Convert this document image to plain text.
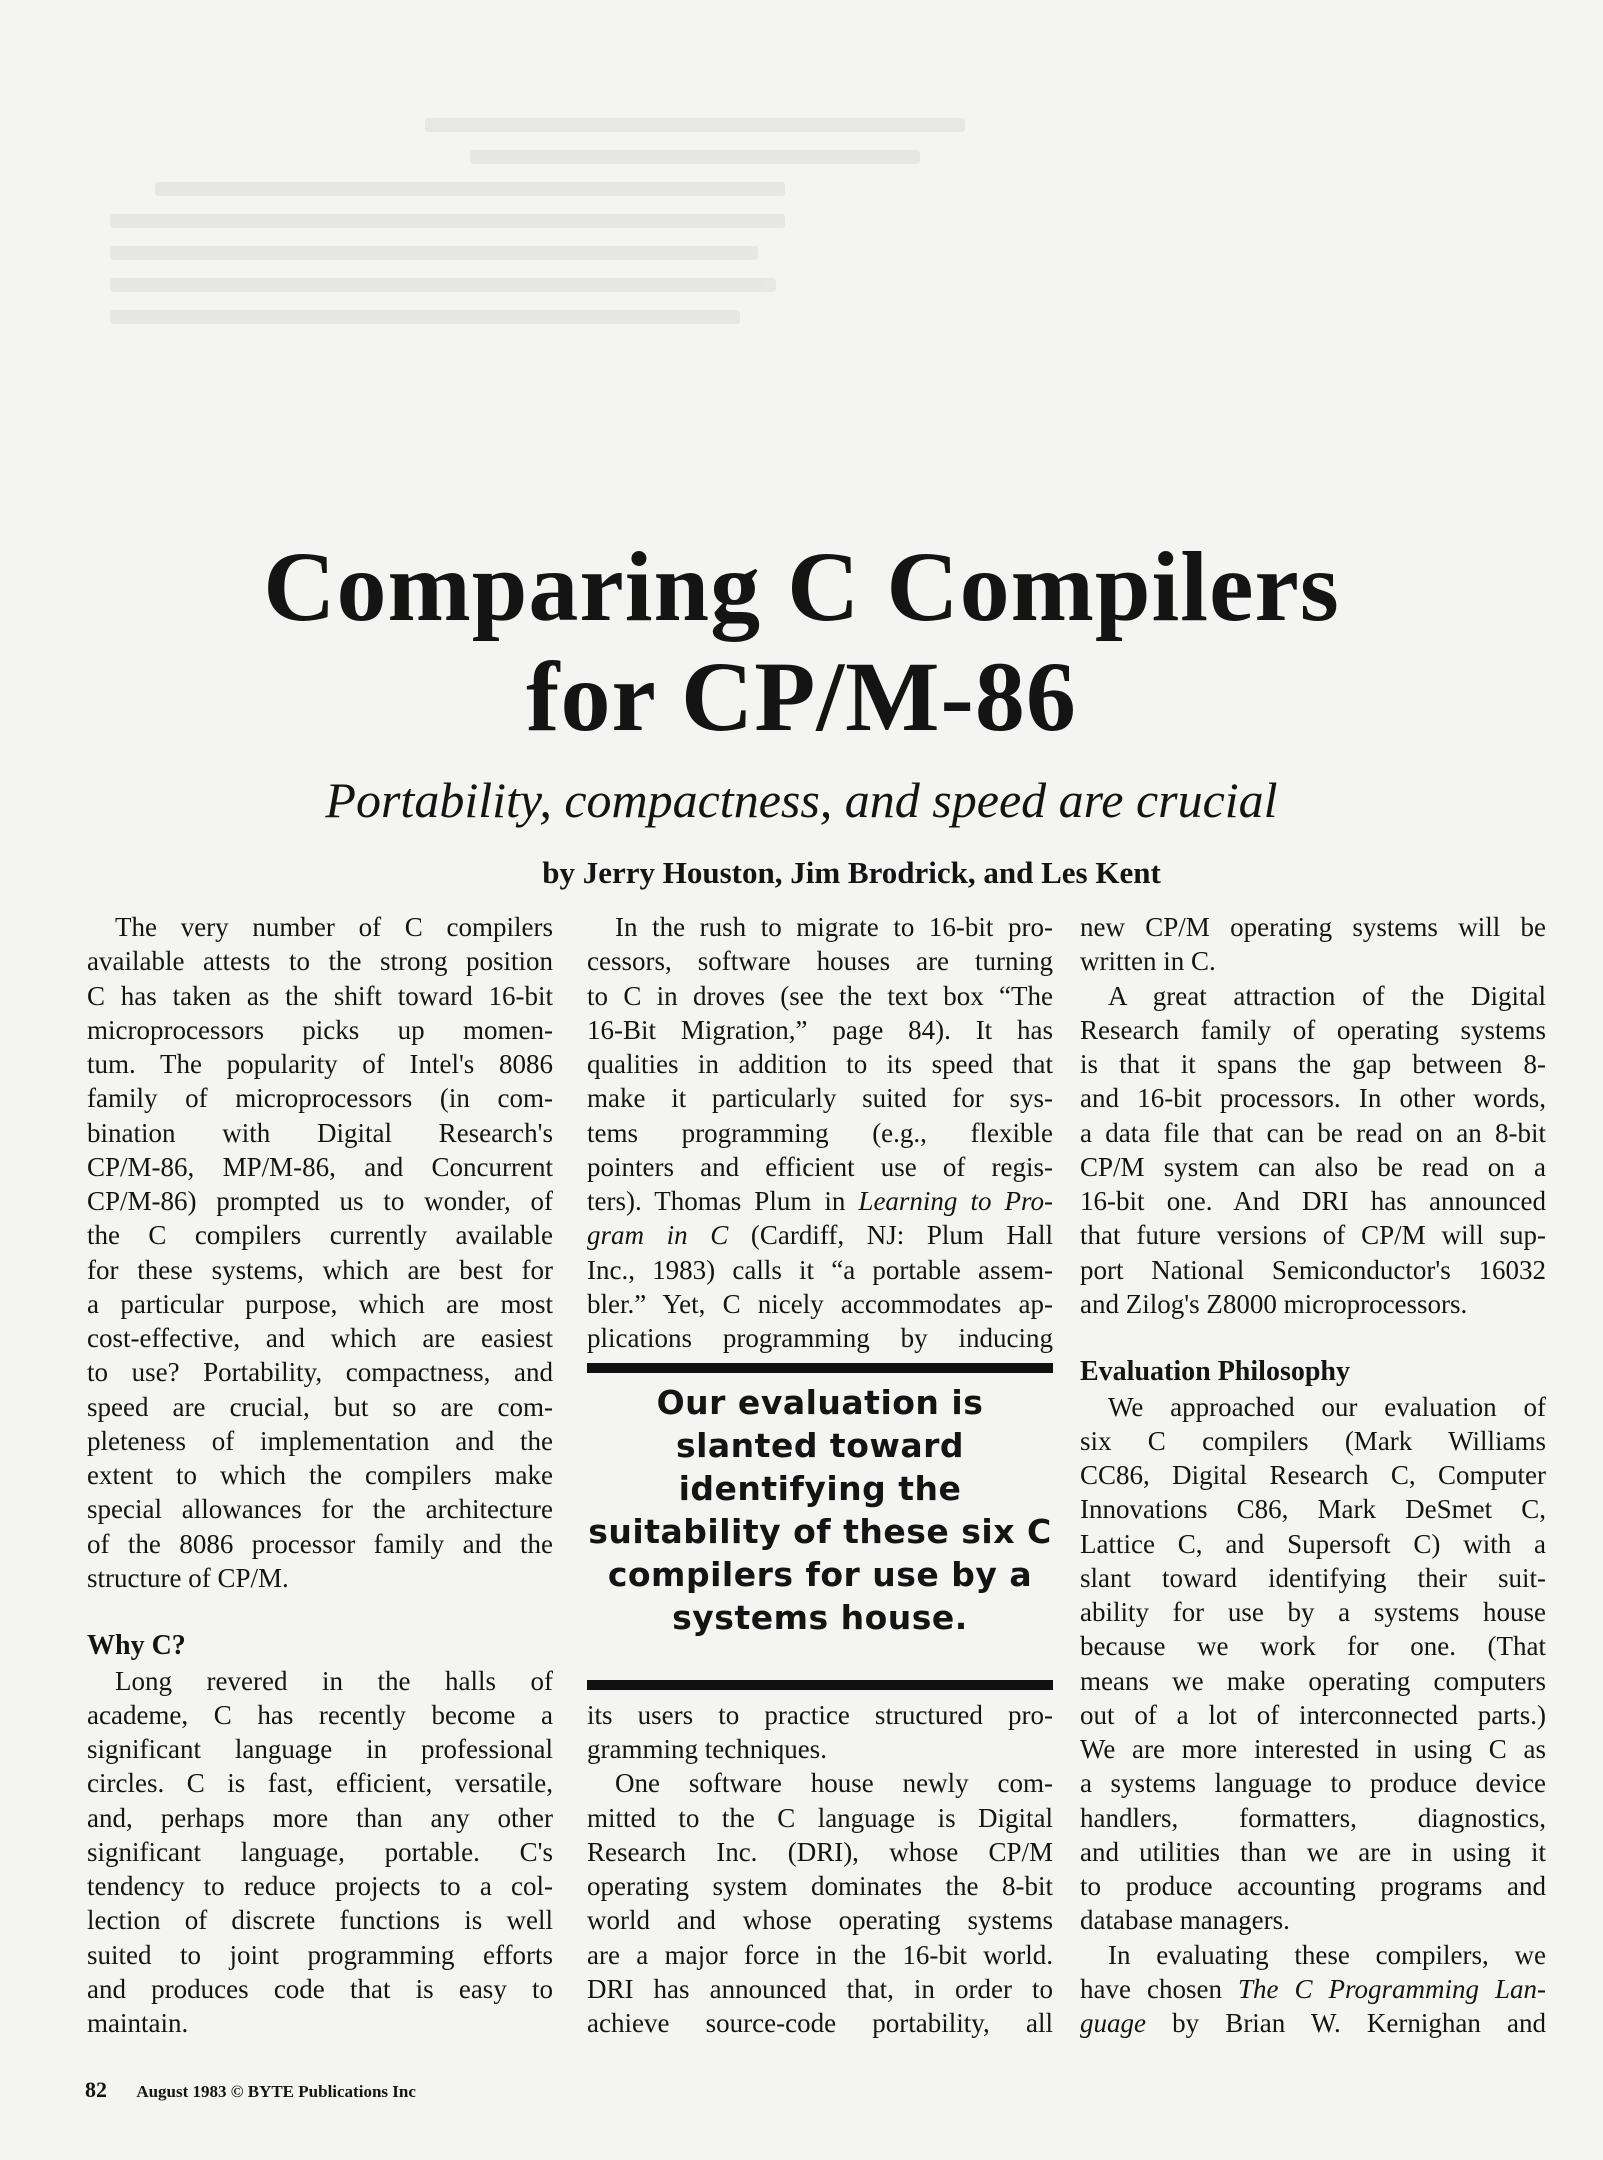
Comparing C Compilers
for CP/M-86
Portability, compactness, and speed are crucial
by Jerry Houston, Jim Brodrick, and Les Kent
The very number of C compilers
available attests to the strong position
C has taken as the shift toward 16-bit
microprocessors picks up momen-
tum. The popularity of Intel's 8086
family of microprocessors (in com-
bination with Digital Research's
CP/M-86, MP/M-86, and Concurrent
CP/M-86) prompted us to wonder, of
the C compilers currently available
for these systems, which are best for
a particular purpose, which are most
cost-effective, and which are easiest
to use? Portability, compactness, and
speed are crucial, but so are com-
pleteness of implementation and the
extent to which the compilers make
special allowances for the architecture
of the 8086 processor family and the
structure of CP/M.
Why C?
Long revered in the halls of
academe, C has recently become a
significant language in professional
circles. C is fast, efficient, versatile,
and, perhaps more than any other
significant language, portable. C's
tendency to reduce projects to a col-
lection of discrete functions is well
suited to joint programming efforts
and produces code that is easy to
maintain.
In the rush to migrate to 16-bit pro-
cessors, software houses are turning
to C in droves (see the text box “The
16-Bit Migration,” page 84). It has
qualities in addition to its speed that
make it particularly suited for sys-
tems programming (e.g., flexible
pointers and efficient use of regis-
ters). Thomas Plum in Learning to Pro-
gram in C (Cardiff, NJ: Plum Hall
Inc., 1983) calls it “a portable assem-
bler.” Yet, C nicely accommodates ap-
plications programming by inducing
Our evaluation is slanted toward identifying the suitability of these six C compilers for use by a systems house.
its users to practice structured pro-
gramming techniques.
One software house newly com-
mitted to the C language is Digital
Research Inc. (DRI), whose CP/M
operating system dominates the 8-bit
world and whose operating systems
are a major force in the 16-bit world.
DRI has announced that, in order to
achieve source-code portability, all
new CP/M operating systems will be
written in C.
A great attraction of the Digital
Research family of operating systems
is that it spans the gap between 8-
and 16-bit processors. In other words,
a data file that can be read on an 8-bit
CP/M system can also be read on a
16-bit one. And DRI has announced
that future versions of CP/M will sup-
port National Semiconductor's 16032
and Zilog's Z8000 microprocessors.
Evaluation Philosophy
We approached our evaluation of
six C compilers (Mark Williams
CC86, Digital Research C, Computer
Innovations C86, Mark DeSmet C,
Lattice C, and Supersoft C) with a
slant toward identifying their suit-
ability for use by a systems house
because we work for one. (That
means we make operating computers
out of a lot of interconnected parts.)
We are more interested in using C as
a systems language to produce device
handlers, formatters, diagnostics,
and utilities than we are in using it
to produce accounting programs and
database managers.
In evaluating these compilers, we
have chosen The C Programming Lan-
guage by Brian W. Kernighan and
82 August 1983 © BYTE Publications Inc
